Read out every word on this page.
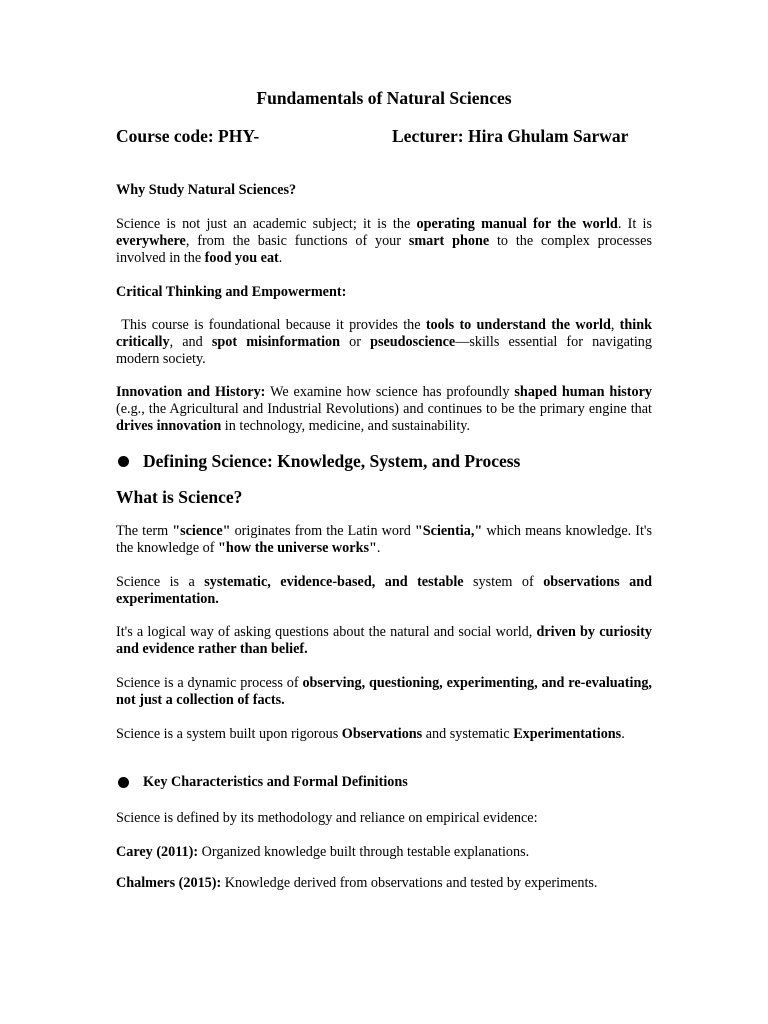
Fundamentals of Natural Sciences

Course code: PHY-	Lecturer: Hira Ghulam Sarwar

Why Study Natural Sciences?

Science is not just an academic subject; it is the operating manual for the world. It is everywhere, from the basic functions of your smart phone to the complex processes involved in the food you eat.

Critical Thinking and Empowerment:

This course is foundational because it provides the tools to understand the world, think critically, and spot misinformation or pseudoscience—skills essential for navigating modern society.

Innovation and History: We examine how science has profoundly shaped human history (e.g., the Agricultural and Industrial Revolutions) and continues to be the primary engine that drives innovation in technology, medicine, and sustainability.

Defining Science: Knowledge, System, and Process

What is Science?

The term "science" originates from the Latin word "Scientia," which means knowledge. It's the knowledge of "how the universe works".

Science is a systematic, evidence-based, and testable system of observations and experimentation.

It's a logical way of asking questions about the natural and social world, driven by curiosity and evidence rather than belief.

Science is a dynamic process of observing, questioning, experimenting, and re-evaluating, not just a collection of facts.

Science is a system built upon rigorous Observations and systematic Experimentations.

Key Characteristics and Formal Definitions

Science is defined by its methodology and reliance on empirical evidence:

Carey (2011): Organized knowledge built through testable explanations.

Chalmers (2015): Knowledge derived from observations and tested by experiments.
